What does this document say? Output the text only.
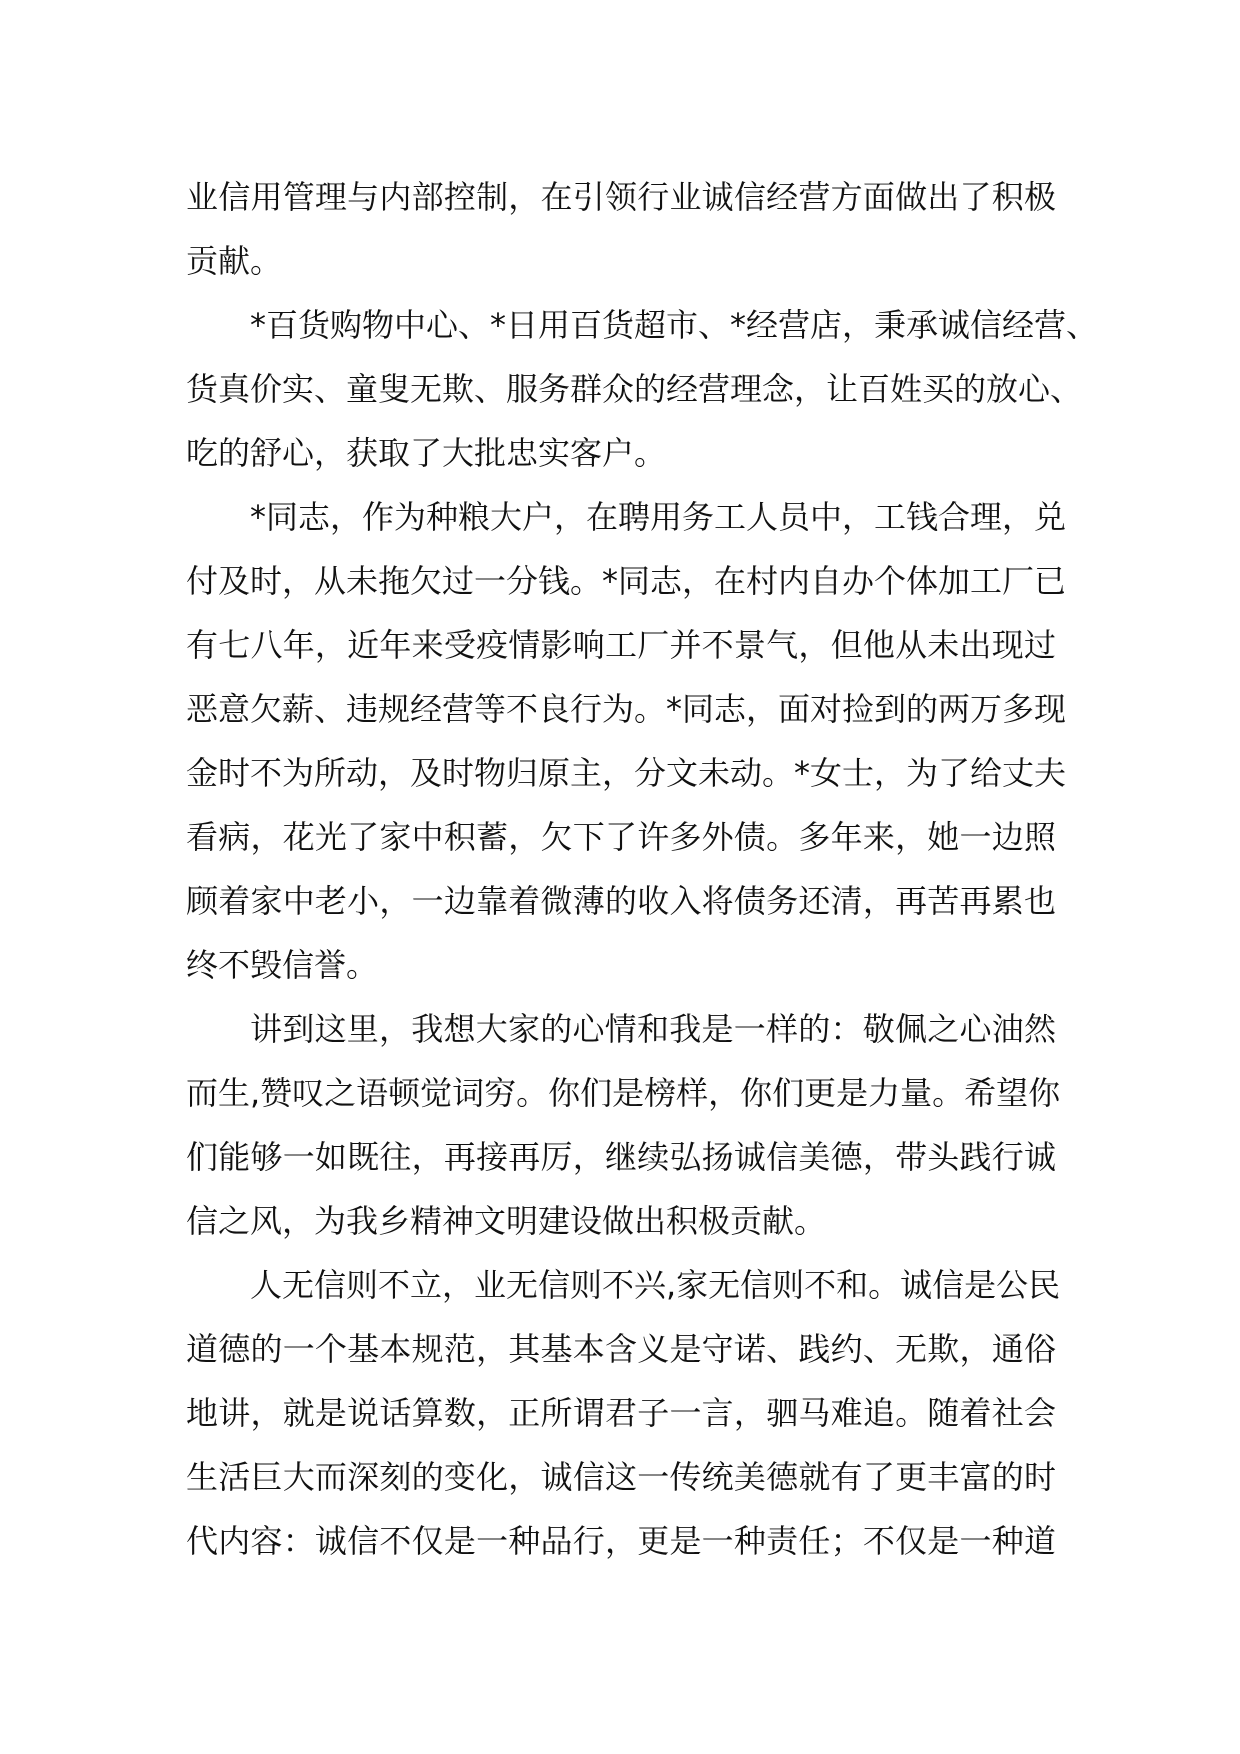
业信用管理与内部控制，在引领行业诚信经营方面做出了积极
贡献。
*百货购物中心、*日用百货超市、*经营店，秉承诚信经营、
货真价实、童叟无欺、服务群众的经营理念，让百姓买的放心、
吃的舒心，获取了大批忠实客户。
*同志，作为种粮大户，在聘用务工人员中，工钱合理，兑
付及时，从未拖欠过一分钱。*同志，在村内自办个体加工厂已
有七八年，近年来受疫情影响工厂并不景气，但他从未出现过
恶意欠薪、违规经营等不良行为。*同志，面对捡到的两万多现
金时不为所动，及时物归原主，分文未动。*女士，为了给丈夫
看病，花光了家中积蓄，欠下了许多外债。多年来，她一边照
顾着家中老小，一边靠着微薄的收入将债务还清，再苦再累也
终不毁信誉。
讲到这里，我想大家的心情和我是一样的：敬佩之心油然
而生,赞叹之语顿觉词穷。你们是榜样，你们更是力量。希望你
们能够一如既往，再接再厉，继续弘扬诚信美德，带头践行诚
信之风，为我乡精神文明建设做出积极贡献。
人无信则不立，业无信则不兴,家无信则不和。诚信是公民
道德的一个基本规范，其基本含义是守诺、践约、无欺，通俗
地讲，就是说话算数，正所谓君子一言，驷马难追。随着社会
生活巨大而深刻的变化，诚信这一传统美德就有了更丰富的时
代内容：诚信不仅是一种品行，更是一种责任；不仅是一种道
